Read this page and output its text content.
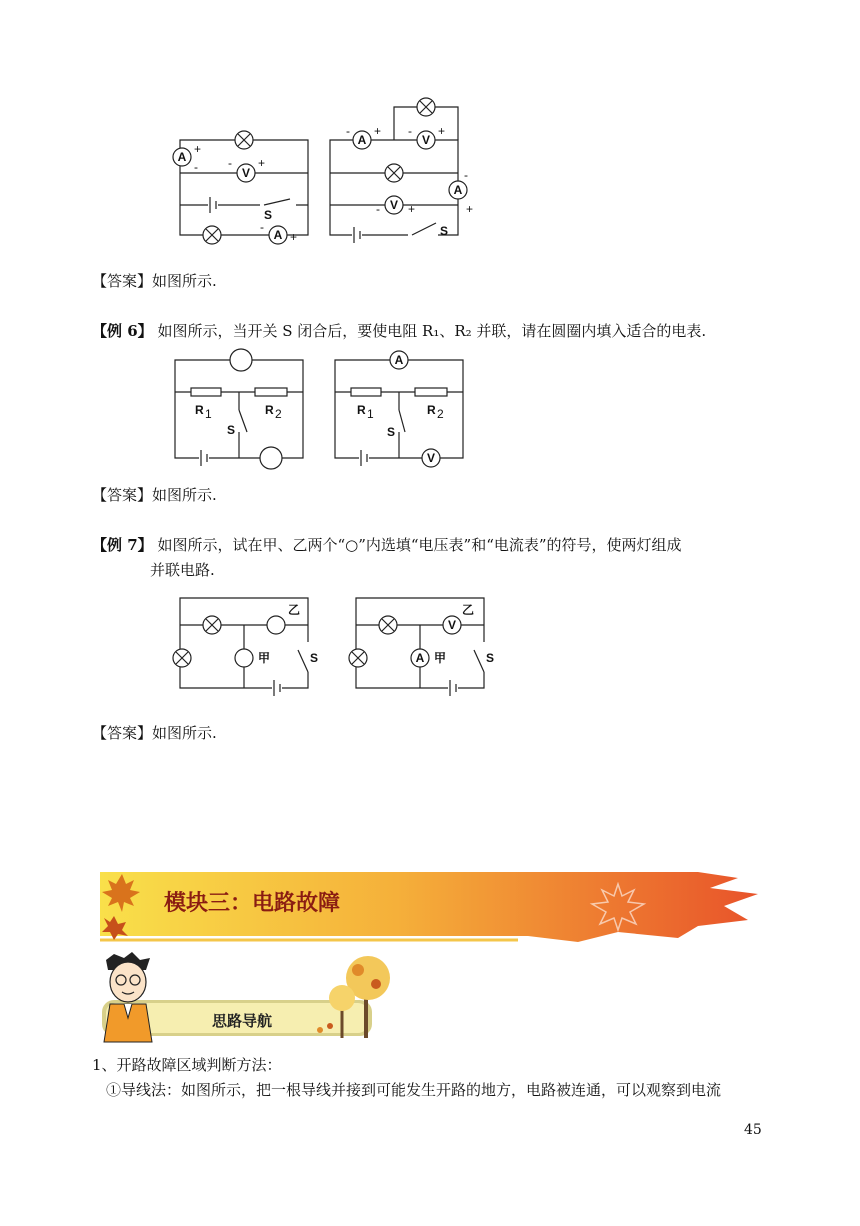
A
+
-	V
- +
S
A
-
+
A
- +
V
- +
A
-
+
V
- +
S
【答案】如图所示.
【例 6】 如图所示，当开关 S 闭合后，要使电阻 R₁、R₂ 并联，请在圆圈内填入适合的电表.
R 1	R 2
S
A
R 1	R 2
S
V
【答案】如图所示.
【例 7】 如图所示，试在甲、乙两个“○”内选填“电压表”和“电流表”的符号，使两灯组成
并联电路.
乙
甲	S
V
乙
A 甲	S
【答案】如图所示.
模块三：电路故障
思路导航
1、开路故障区域判断方法：
①导线法：如图所示，把一根导线并接到可能发生开路的地方，电路被连通，可以观察到电流
45
